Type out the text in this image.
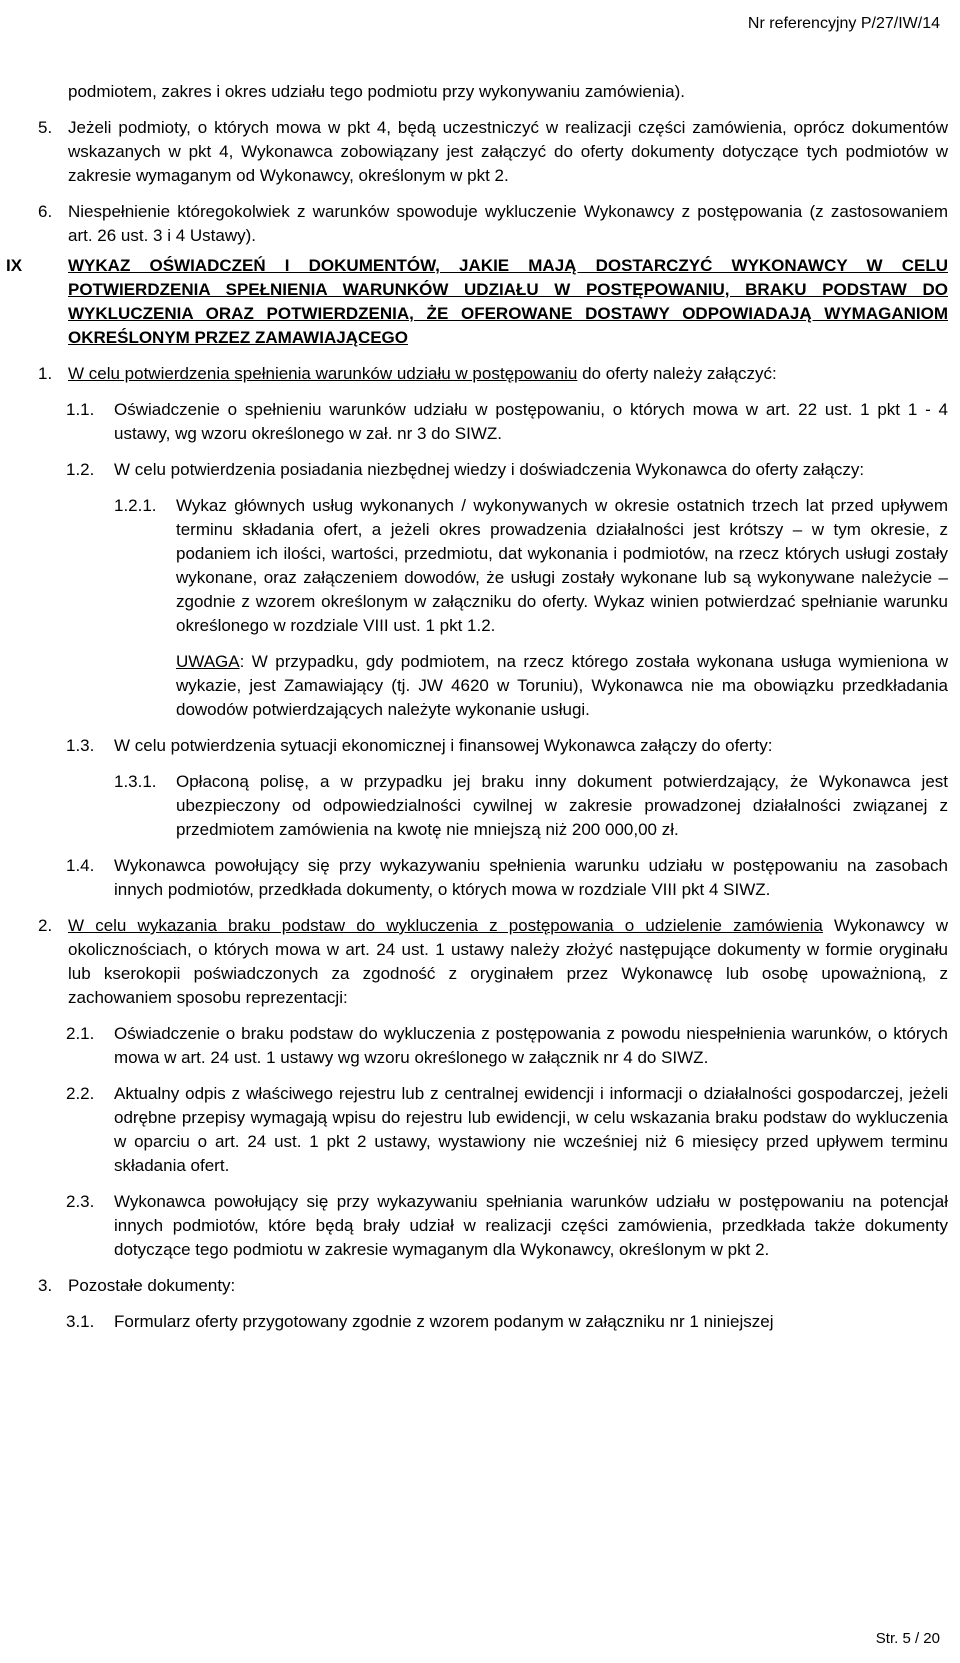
Nr referencyjny P/27/IW/14

podmiotem, zakres i okres udziału tego podmiotu przy wykonywaniu zamówienia).

5. Jeżeli podmioty, o których mowa w pkt 4, będą uczestniczyć w realizacji części zamówienia, oprócz dokumentów wskazanych w pkt 4, Wykonawca zobowiązany jest załączyć do oferty dokumenty dotyczące tych podmiotów w zakresie wymaganym od Wykonawcy, określonym w pkt 2.
6. Niespełnienie któregokolwiek z warunków spowoduje wykluczenie Wykonawcy z postępowania (z zastosowaniem art. 26 ust. 3 i 4 Ustawy).
IX	WYKAZ OŚWIADCZEŃ I DOKUMENTÓW, JAKIE MAJĄ DOSTARCZYĆ WYKONAWCY W CELU POTWIERDZENIA SPEŁNIENIA WARUNKÓW UDZIAŁU W POSTĘPOWANIU, BRAKU PODSTAW DO WYKLUCZENIA ORAZ POTWIERDZENIA, ŻE OFEROWANE DOSTAWY ODPOWIADAJĄ WYMAGANIOM OKREŚLONYM PRZEZ ZAMAWIAJĄCEGO
1. W celu potwierdzenia spełnienia warunków udziału w postępowaniu do oferty należy załączyć:
1.1.	Oświadczenie o spełnieniu warunków udziału w postępowaniu, o których mowa w art. 22 ust. 1 pkt 1 - 4 ustawy, wg wzoru określonego w zał. nr 3 do SIWZ.
1.2.	W celu potwierdzenia posiadania niezbędnej wiedzy i doświadczenia Wykonawca do oferty załączy:
1.2.1.	Wykaz głównych usług wykonanych / wykonywanych w okresie ostatnich trzech lat przed upływem terminu składania ofert, a jeżeli okres prowadzenia działalności jest krótszy – w tym okresie, z podaniem ich ilości, wartości, przedmiotu, dat wykonania i podmiotów, na rzecz których usługi zostały wykonane, oraz załączeniem dowodów, że usługi zostały wykonane lub są wykonywane należycie – zgodnie z wzorem określonym w załączniku do oferty. Wykaz winien potwierdzać spełnianie warunku określonego w rozdziale VIII ust. 1 pkt 1.2.

UWAGA: W przypadku, gdy podmiotem, na rzecz którego została wykonana usługa wymieniona w wykazie, jest Zamawiający (tj. JW 4620 w Toruniu), Wykonawca nie ma obowiązku przedkładania dowodów potwierdzających należyte wykonanie usługi.

1.3.	W celu potwierdzenia sytuacji ekonomicznej i finansowej Wykonawca załączy do oferty:
1.3.1.	Opłaconą polisę, a w przypadku jej braku inny dokument potwierdzający, że Wykonawca jest ubezpieczony od odpowiedzialności cywilnej w zakresie prowadzonej działalności związanej z przedmiotem zamówienia na kwotę nie mniejszą niż 200 000,00 zł.
1.4.	Wykonawca powołujący się przy wykazywaniu spełnienia warunku udziału w postępowaniu na zasobach innych podmiotów, przedkłada dokumenty, o których mowa w rozdziale VIII pkt 4 SIWZ.
2. W celu wykazania braku podstaw do wykluczenia z postępowania o udzielenie zamówienia Wykonawcy w okolicznościach, o których mowa w art. 24 ust. 1 ustawy należy złożyć następujące dokumenty w formie oryginału lub kserokopii poświadczonych za zgodność z oryginałem przez Wykonawcę lub osobę upoważnioną, z zachowaniem sposobu reprezentacji:
2.1.	Oświadczenie o braku podstaw do wykluczenia z postępowania z powodu niespełnienia warunków, o których mowa w art. 24 ust. 1 ustawy wg wzoru określonego w załącznik nr 4 do SIWZ.
2.2.	Aktualny odpis z właściwego rejestru lub z centralnej ewidencji i informacji o działalności gospodarczej, jeżeli odrębne przepisy wymagają wpisu do rejestru lub ewidencji, w celu wskazania braku podstaw do wykluczenia w oparciu o art. 24 ust. 1 pkt 2 ustawy, wystawiony nie wcześniej niż 6 miesięcy przed upływem terminu składania ofert.
2.3.	Wykonawca powołujący się przy wykazywaniu spełniania warunków udziału w postępowaniu na potencjał innych podmiotów, które będą brały udział w realizacji części zamówienia, przedkłada także dokumenty dotyczące tego podmiotu w zakresie wymaganym dla Wykonawcy, określonym w pkt 2.
3. Pozostałe dokumenty:
3.1.	Formularz oferty przygotowany zgodnie z wzorem podanym w załączniku nr 1 niniejszej
Str. 5 / 20
